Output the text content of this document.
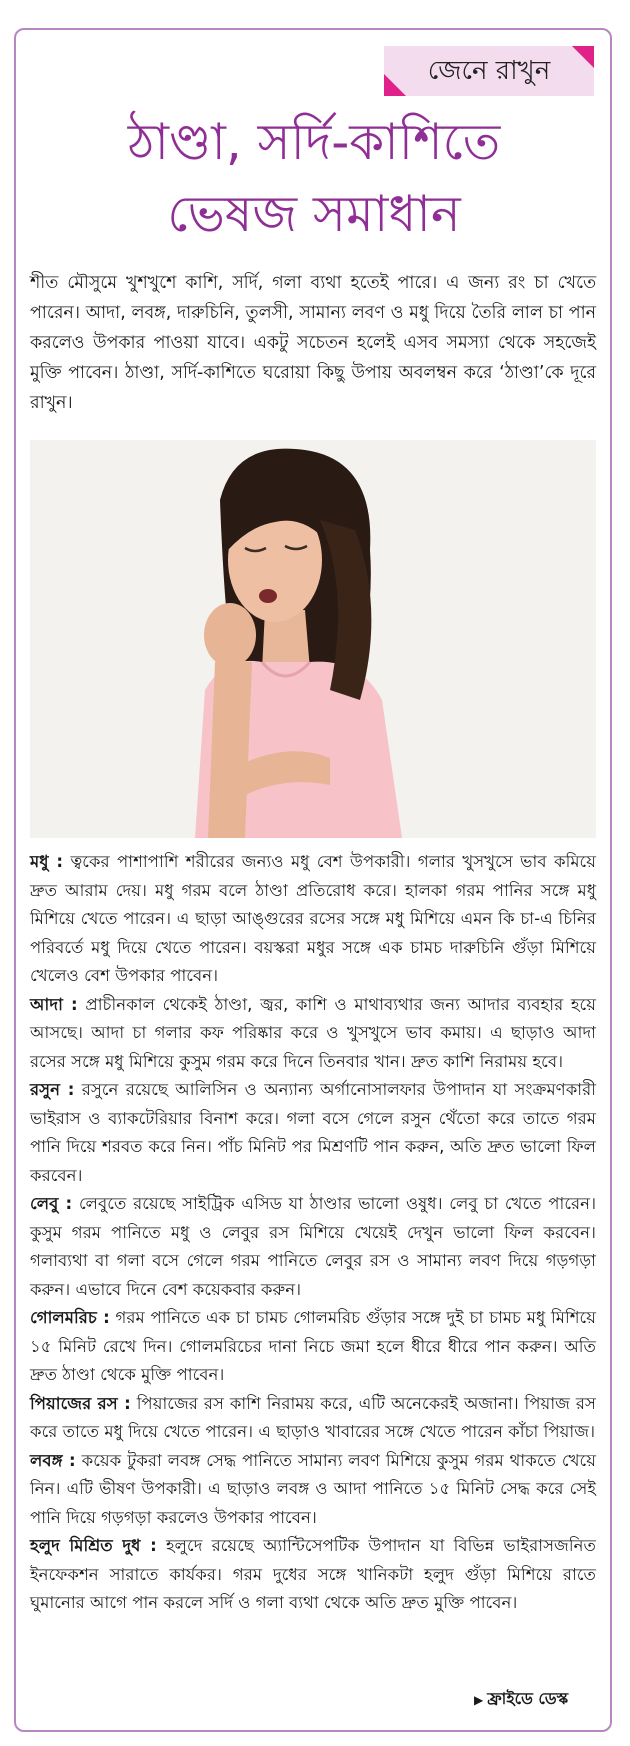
জেনে রাখুন
ঠাণ্ডা, সর্দি-কাশিতে
ভেষজ সমাধান
শীত মৌসুমে খুশখুশে কাশি, সর্দি, গলা ব্যথা হতেই পারে। এ জন্য রং চা খেতে পারেন। আদা, লবঙ্গ, দারুচিনি, তুলসী, সামান্য লবণ ও মধু দিয়ে তৈরি লাল চা পান করলেও উপকার পাওয়া যাবে। একটু সচেতন হলেই এসব সমস্যা থেকে সহজেই মুক্তি পাবেন। ঠাণ্ডা, সর্দি-কাশিতে ঘরোয়া কিছু উপায় অবলম্বন করে ‘ঠাণ্ডা’কে দূরে রাখুন।

মধু : ত্বকের পাশাপাশি শরীরের জন্যও মধু বেশ উপকারী। গলার খুসখুসে ভাব কমিয়ে দ্রুত আরাম দেয়। মধু গরম বলে ঠাণ্ডা প্রতিরোধ করে। হালকা গরম পানির সঙ্গে মধু মিশিয়ে খেতে পারেন। এ ছাড়া আঙ্গুরের রসের সঙ্গে মধু মিশিয়ে এমন কি চা-এ চিনির পরিবর্তে মধু দিয়ে খেতে পারেন। বয়স্করা মধুর সঙ্গে এক চামচ দারুচিনি গুঁড়া মিশিয়ে খেলেও বেশ উপকার পাবেন।

আদা : প্রাচীনকাল থেকেই ঠাণ্ডা, জ্বর, কাশি ও মাথাব্যথার জন্য আদার ব্যবহার হয়ে আসছে। আদা চা গলার কফ পরিষ্কার করে ও খুসখুসে ভাব কমায়। এ ছাড়াও আদা রসের সঙ্গে মধু মিশিয়ে কুসুম গরম করে দিনে তিনবার খান। দ্রুত কাশি নিরাময় হবে।

রসুন : রসুনে রয়েছে আলিসিন ও অন্যান্য অর্গানোসালফার উপাদান যা সংক্রমণকারী ভাইরাস ও ব্যাকটেরিয়ার বিনাশ করে। গলা বসে গেলে রসুন থেঁতো করে তাতে গরম পানি দিয়ে শরবত করে নিন। পাঁচ মিনিট পর মিশ্রণটি পান করুন, অতি দ্রুত ভালো ফিল করবেন।

লেবু : লেবুতে রয়েছে সাইট্রিক এসিড যা ঠাণ্ডার ভালো ওষুধ। লেবু চা খেতে পারেন। কুসুম গরম পানিতে মধু ও লেবুর রস মিশিয়ে খেয়েই দেখুন ভালো ফিল করবেন। গলাব্যথা বা গলা বসে গেলে গরম পানিতে লেবুর রস ও সামান্য লবণ দিয়ে গড়গড়া করুন। এভাবে দিনে বেশ কয়েকবার করুন।

গোলমরিচ : গরম পানিতে এক চা চামচ গোলমরিচ গুঁড়ার সঙ্গে দুই চা চামচ মধু মিশিয়ে ১৫ মিনিট রেখে দিন। গোলমরিচের দানা নিচে জমা হলে ধীরে ধীরে পান করুন। অতি দ্রুত ঠাণ্ডা থেকে মুক্তি পাবেন।

পিয়াজের রস : পিয়াজের রস কাশি নিরাময় করে, এটি অনেকেরই অজানা। পিয়াজ রস করে তাতে মধু দিয়ে খেতে পারেন। এ ছাড়াও খাবারের সঙ্গে খেতে পারেন কাঁচা পিয়াজ।

লবঙ্গ : কয়েক টুকরা লবঙ্গ সেদ্ধ পানিতে সামান্য লবণ মিশিয়ে কুসুম গরম থাকতে খেয়ে নিন। এটি ভীষণ উপকারী। এ ছাড়াও লবঙ্গ ও আদা পানিতে ১৫ মিনিট সেদ্ধ করে সেই পানি দিয়ে গড়গড়া করলেও উপকার পাবেন।

হলুদ মিশ্রিত দুধ : হলুদে রয়েছে অ্যান্টিসেপটিক উপাদান যা বিভিন্ন ভাইরাসজনিত ইনফেকশন সারাতে কার্যকর। গরম দুধের সঙ্গে খানিকটা হলুদ গুঁড়া মিশিয়ে রাতে ঘুমানোর আগে পান করলে সর্দি ও গলা ব্যথা থেকে অতি দ্রুত মুক্তি পাবেন।

▶ ফ্রাইডে ডেস্ক
